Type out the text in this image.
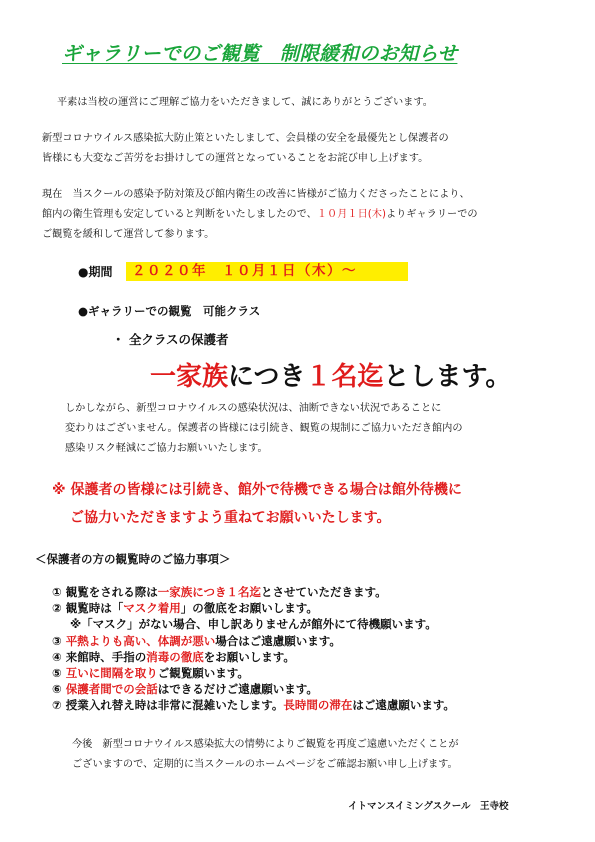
ギャラリーでのご観覧　制限緩和のお知らせ
平素は当校の運営にご理解ご協力をいただきまして、誠にありがとうございます。
新型コロナウイルス感染拡大防止策といたしまして、会員様の安全を最優先とし保護者の
皆様にも大変なご苦労をお掛けしての運営となっていることをお詫び申し上げます。
現在　当スクールの感染予防対策及び館内衛生の改善に皆様がご協力くださったことにより、
館内の衛生管理も安定していると判断をいたしましたので、１０月１日(木)よりギャラリーでの
ご観覧を緩和して運営して参ります。
●期間 ２０２０年　１０月１日（木）～
●ギャラリーでの観覧　可能クラス
・ 全クラスの保護者
一家族につき１名迄とします。
しかしながら、新型コロナウイルスの感染状況は、油断できない状況であることに
変わりはございません。保護者の皆様には引続き、観覧の規制にご協力いただき館内の
感染リスク軽減にご協力お願いいたします。
※ 保護者の皆様には引続き、館外で待機できる場合は館外待機に
ご協力いただきますよう重ねてお願いいたします。
＜保護者の方の観覧時のご協力事項＞
① 観覧をされる際は一家族につき１名迄とさせていただきます。
② 観覧時は「マスク着用」の徹底をお願いします。
※「マスク」がない場合、申し訳ありませんが館外にて待機願います。
③ 平熱よりも高い、体調が悪い場合はご遠慮願います。
④ 来館時、手指の消毒の徹底をお願いします。
⑤ 互いに間隔を取りご観覧願います。
⑥ 保護者間での会話はできるだけご遠慮願います。
⑦ 授業入れ替え時は非常に混雑いたします。長時間の滞在はご遠慮願います。
今後　新型コロナウイルス感染拡大の情勢によりご観覧を再度ご遠慮いただくことが
ございますので、定期的に当スクールのホームページをご確認お願い申し上げます。
イトマンスイミングスクール　王寺校
